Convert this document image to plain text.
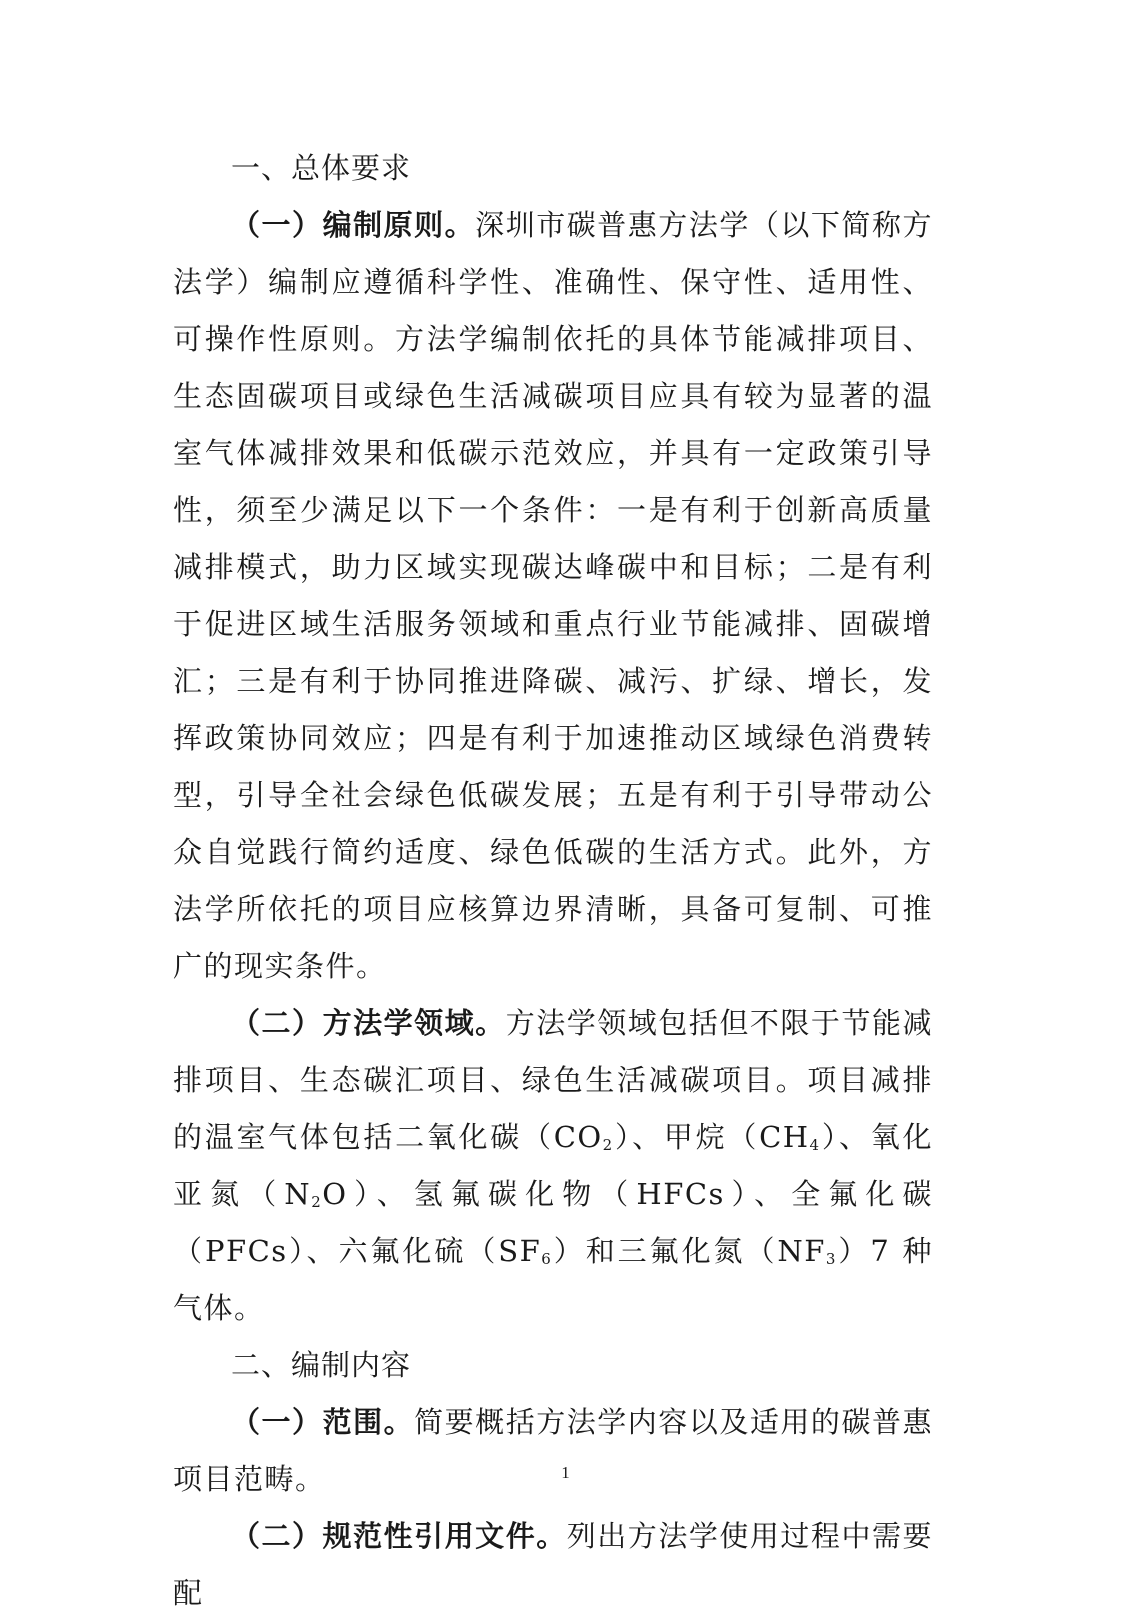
一、总体要求

（一）编制原则。深圳市碳普惠方法学（以下简称方法学）编制应遵循科学性、准确性、保守性、适用性、可操作性原则。方法学编制依托的具体节能减排项目、生态固碳项目或绿色生活减碳项目应具有较为显著的温室气体减排效果和低碳示范效应，并具有一定政策引导性，须至少满足以下一个条件：一是有利于创新高质量减排模式，助力区域实现碳达峰碳中和目标；二是有利于促进区域生活服务领域和重点行业节能减排、固碳增汇；三是有利于协同推进降碳、减污、扩绿、增长，发挥政策协同效应；四是有利于加速推动区域绿色消费转型，引导全社会绿色低碳发展；五是有利于引导带动公众自觉践行简约适度、绿色低碳的生活方式。此外，方法学所依托的项目应核算边界清晰，具备可复制、可推广的现实条件。

（二）方法学领域。方法学领域包括但不限于节能减排项目、生态碳汇项目、绿色生活减碳项目。项目减排的温室气体包括二氧化碳$(CO_2)$、甲烷$(CH_4)$、氧化亚氮$(N_2O)$、氢氟碳化物（HFCs）、全氟化碳（PFCs）、六氟化硫$(SF_6)$和三氟化氮$(NF_3)7$ 种气体。

二、编制内容

（一）范围。简要概括方法学内容以及适用的碳普惠项目范畴。

（二）规范性引用文件。列出方法学使用过程中需要配

1
